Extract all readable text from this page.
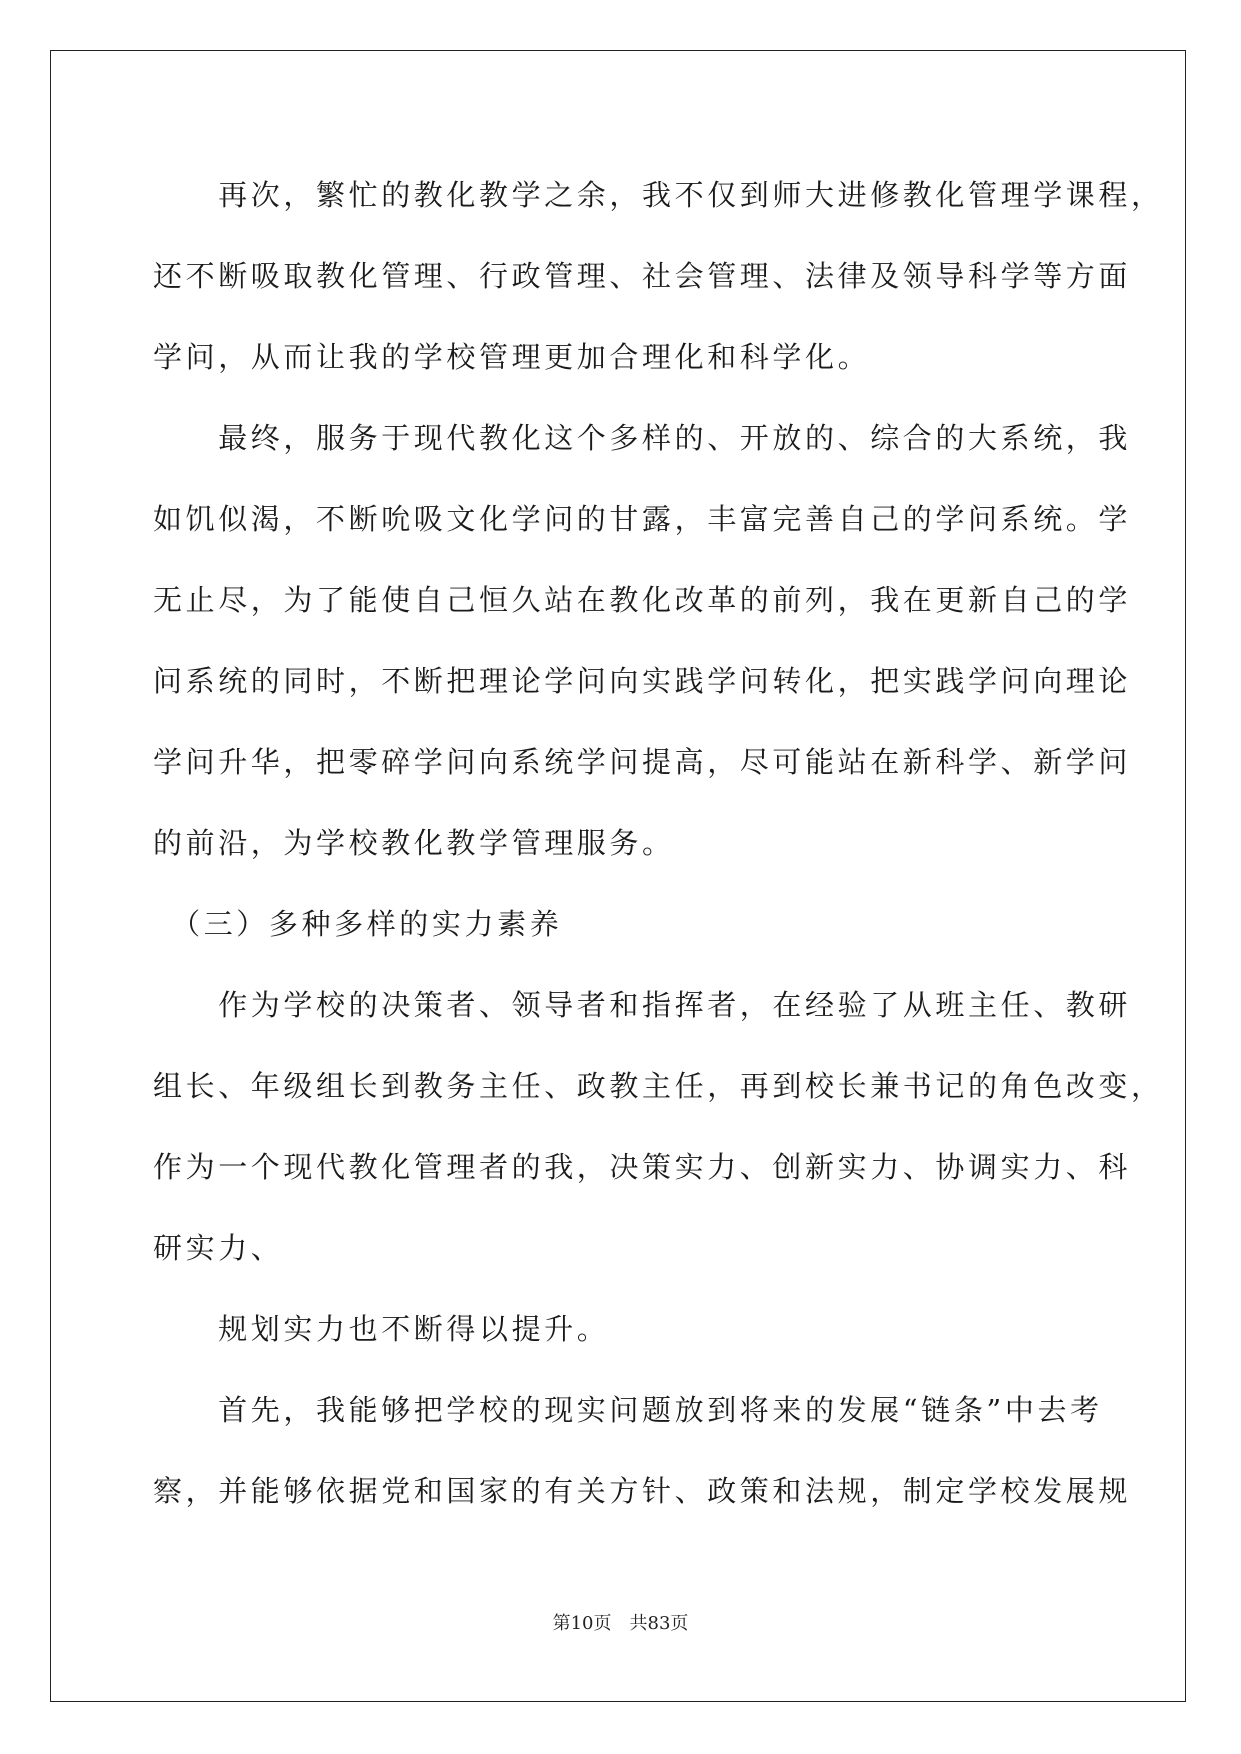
　　再次，繁忙的教化教学之余，我不仅到师大进修教化管理学课程，
还不断吸取教化管理、行政管理、社会管理、法律及领导科学等方面
学问，从而让我的学校管理更加合理化和科学化。
　　最终，服务于现代教化这个多样的、开放的、综合的大系统，我
如饥似渴，不断吮吸文化学问的甘露，丰富完善自己的学问系统。学
无止尽，为了能使自己恒久站在教化改革的前列，我在更新自己的学
问系统的同时，不断把理论学问向实践学问转化，把实践学问向理论
学问升华，把零碎学问向系统学问提高，尽可能站在新科学、新学问
的前沿，为学校教化教学管理服务。
　（三）多种多样的实力素养
　　作为学校的决策者、领导者和指挥者，在经验了从班主任、教研
组长、年级组长到教务主任、政教主任，再到校长兼书记的角色改变，
作为一个现代教化管理者的我，决策实力、创新实力、协调实力、科
研实力、
　　规划实力也不断得以提升。
　　首先，我能够把学校的现实问题放到将来的发展“链条”中去考
察，并能够依据党和国家的有关方针、政策和法规，制定学校发展规
第10页　共83页
